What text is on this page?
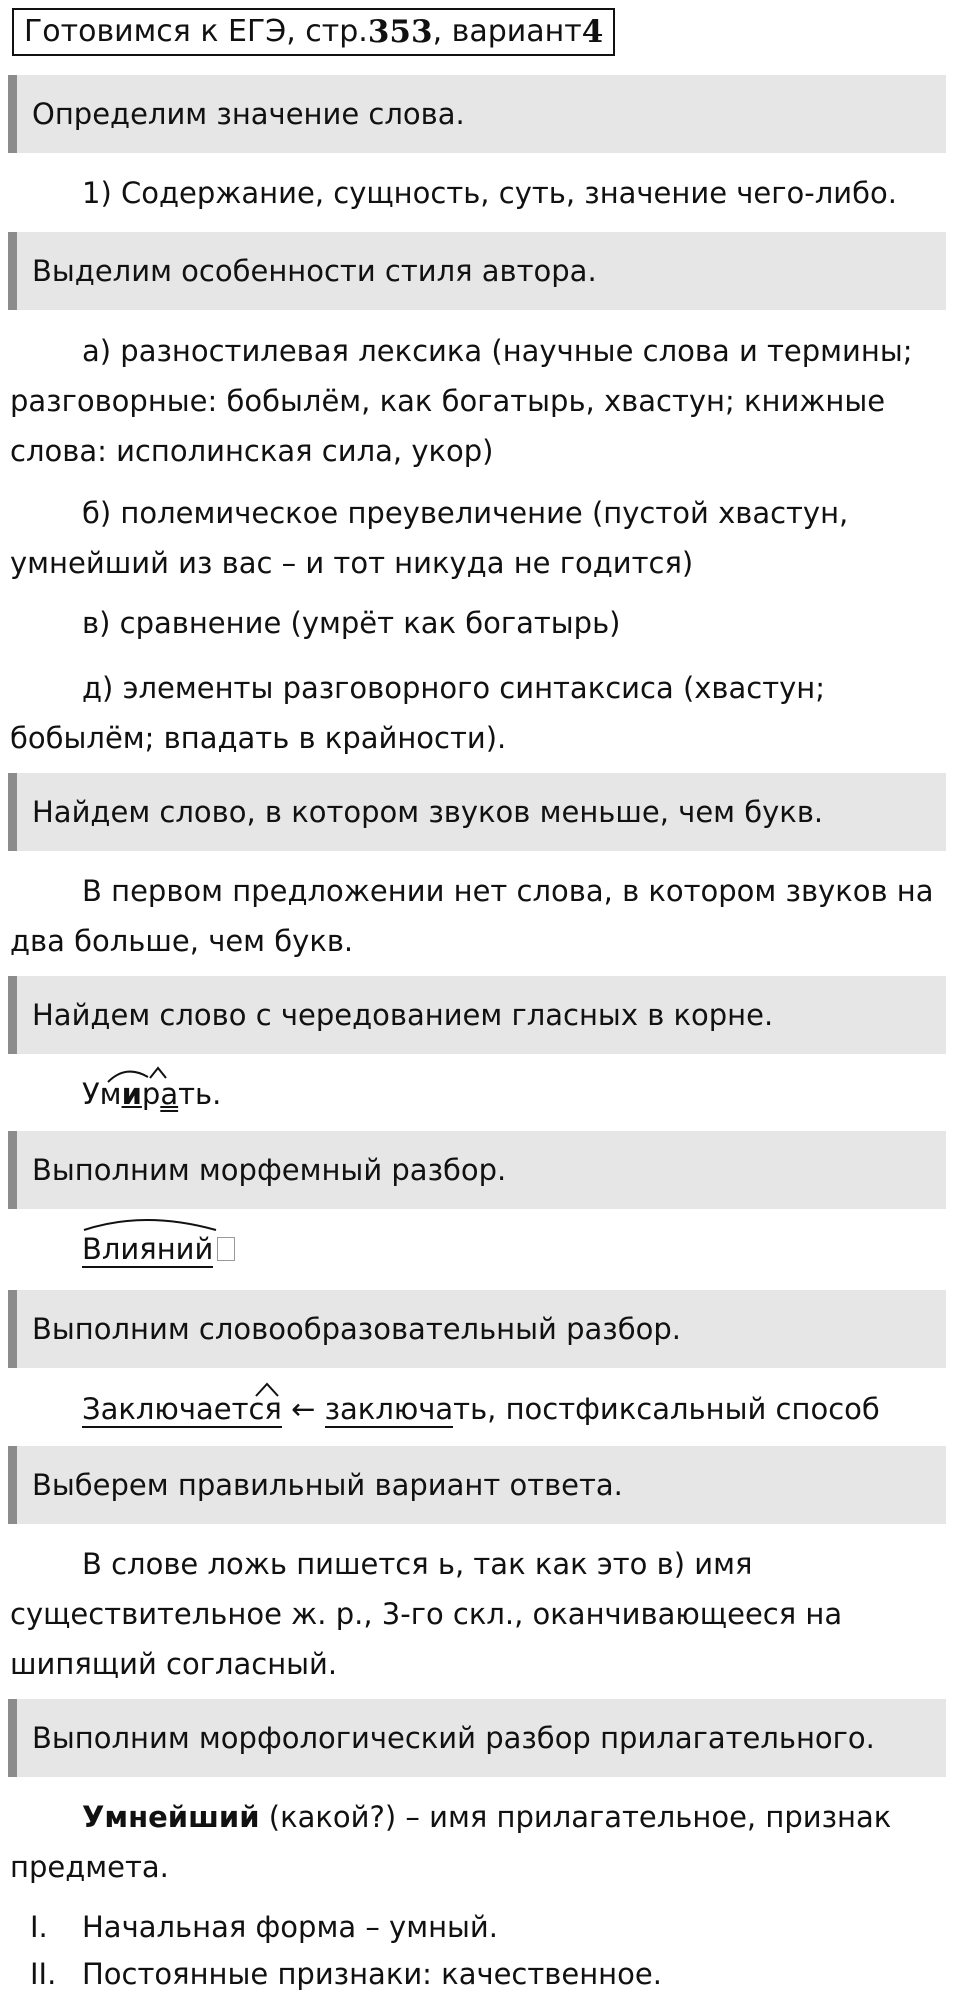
Готовимся к ЕГЭ, стр. 353 , вариант 4
Определим значение слова.

1) Содержание, сущность, суть, значение чего-либо.

Выделим особенности стиля автора.

а) разностилевая лексика (научные слова и термины; разговорные: бобылём, как богатырь, хвастун; книжные слова: исполинская сила, укор)

б) полемическое преувеличение (пустой хвастун, умнейший из вас – и тот никуда не годится)

в) сравнение (умрёт как богатырь)

д) элементы разговорного синтаксиса (хвастун; бобылём; впадать в крайности).

Найдем слово, в котором звуков меньше, чем букв.

В первом предложении нет слова, в котором звуков на два больше, чем букв.

Найдем слово с чередованием гласных в корне.
Умирать.
Выполним морфемный разбор.
Влияний
Выполним словообразовательный разбор.
Заключается ← заключать, постфиксальный способ
Выберем правильный вариант ответа.

В слове ложь пишется ь, так как это в) имя существительное ж. р., 3-го скл., оканчивающееся на шипящий согласный.

Выполним морфологический разбор прилагательного.

Умнейший (какой?) – имя прилагательное, признак предмета.

I. Начальная форма – умный.
II. Постоянные признаки: качественное.
